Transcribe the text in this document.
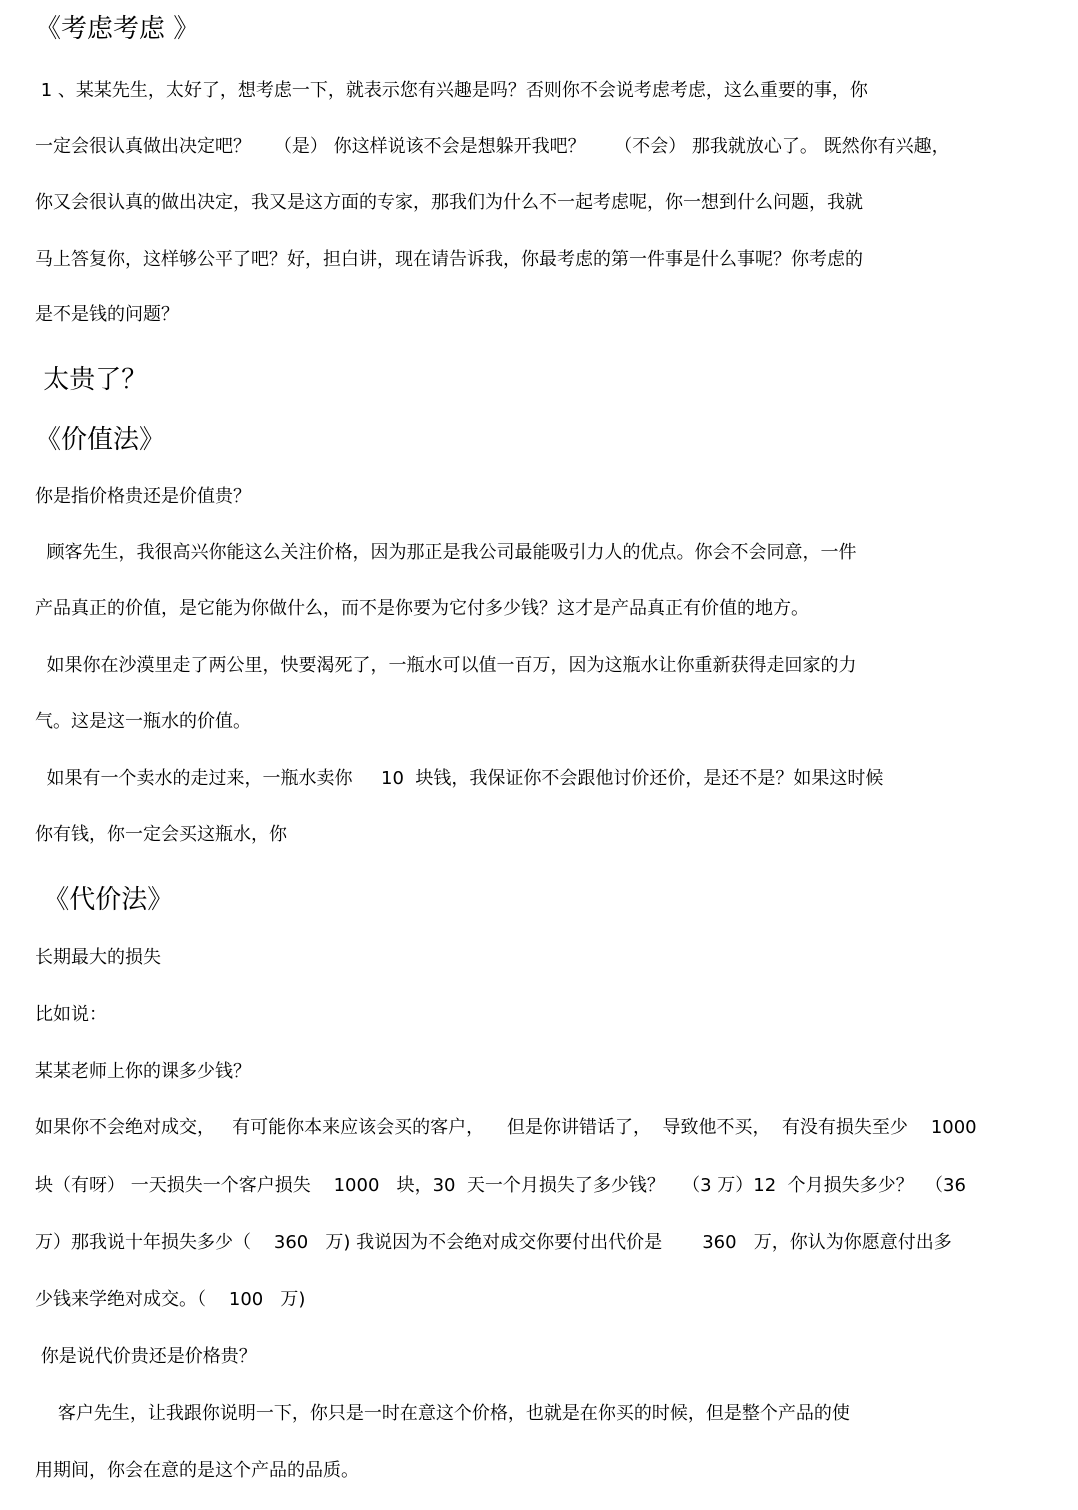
《考虑考虑 》
1 、某某先生，太好了，想考虑一下，就表示您有兴趣是吗？否则你不会说考虑考虑，这么重要的事，你
一定会很认真做出决定吧？    （是） 你这样说该不会是想躲开我吧？     （不会） 那我就放心了。 既然你有兴趣，
你又会很认真的做出决定，我又是这方面的专家，那我们为什么不一起考虑呢，你一想到什么问题，我就
马上答复你，这样够公平了吧？好，担白讲，现在请告诉我，你最考虑的第一件事是什么事呢？你考虑的
是不是钱的问题？
太贵了？
《价值法》
你是指价格贵还是价值贵？
顾客先生，我很高兴你能这么关注价格，因为那正是我公司最能吸引力人的优点。你会不会同意，一件
产品真正的价值，是它能为你做什么，而不是你要为它付多少钱？这才是产品真正有价值的地方。
如果你在沙漠里走了两公里，快要渴死了，一瓶水可以值一百万，因为这瓶水让你重新获得走回家的力
气。这是这一瓶水的价值。
如果有一个卖水的走过来，一瓶水卖你     10  块钱，我保证你不会跟他讨价还价，是还不是？如果这时候
你有钱，你一定会买这瓶水，你
《代价法》
长期最大的损失
比如说：
某某老师上你的课多少钱？
如果你不会绝对成交，   有可能你本来应该会买的客户，    但是你讲错话了，  导致他不买，  有没有损失至少    1000
块（有呀） 一天损失一个客户损失    1000   块，30  天一个月损失了多少钱？   （3 万）12  个月损失多少？  （36
万）那我说十年损失多少（    360   万) 我说因为不会绝对成交你要付出代价是       360   万，你认为你愿意付出多
少钱来学绝对成交。（    100   万)
你是说代价贵还是价格贵？
客户先生，让我跟你说明一下，你只是一时在意这个价格，也就是在你买的时候，但是整个产品的使
用期间，你会在意的是这个产品的品质。
